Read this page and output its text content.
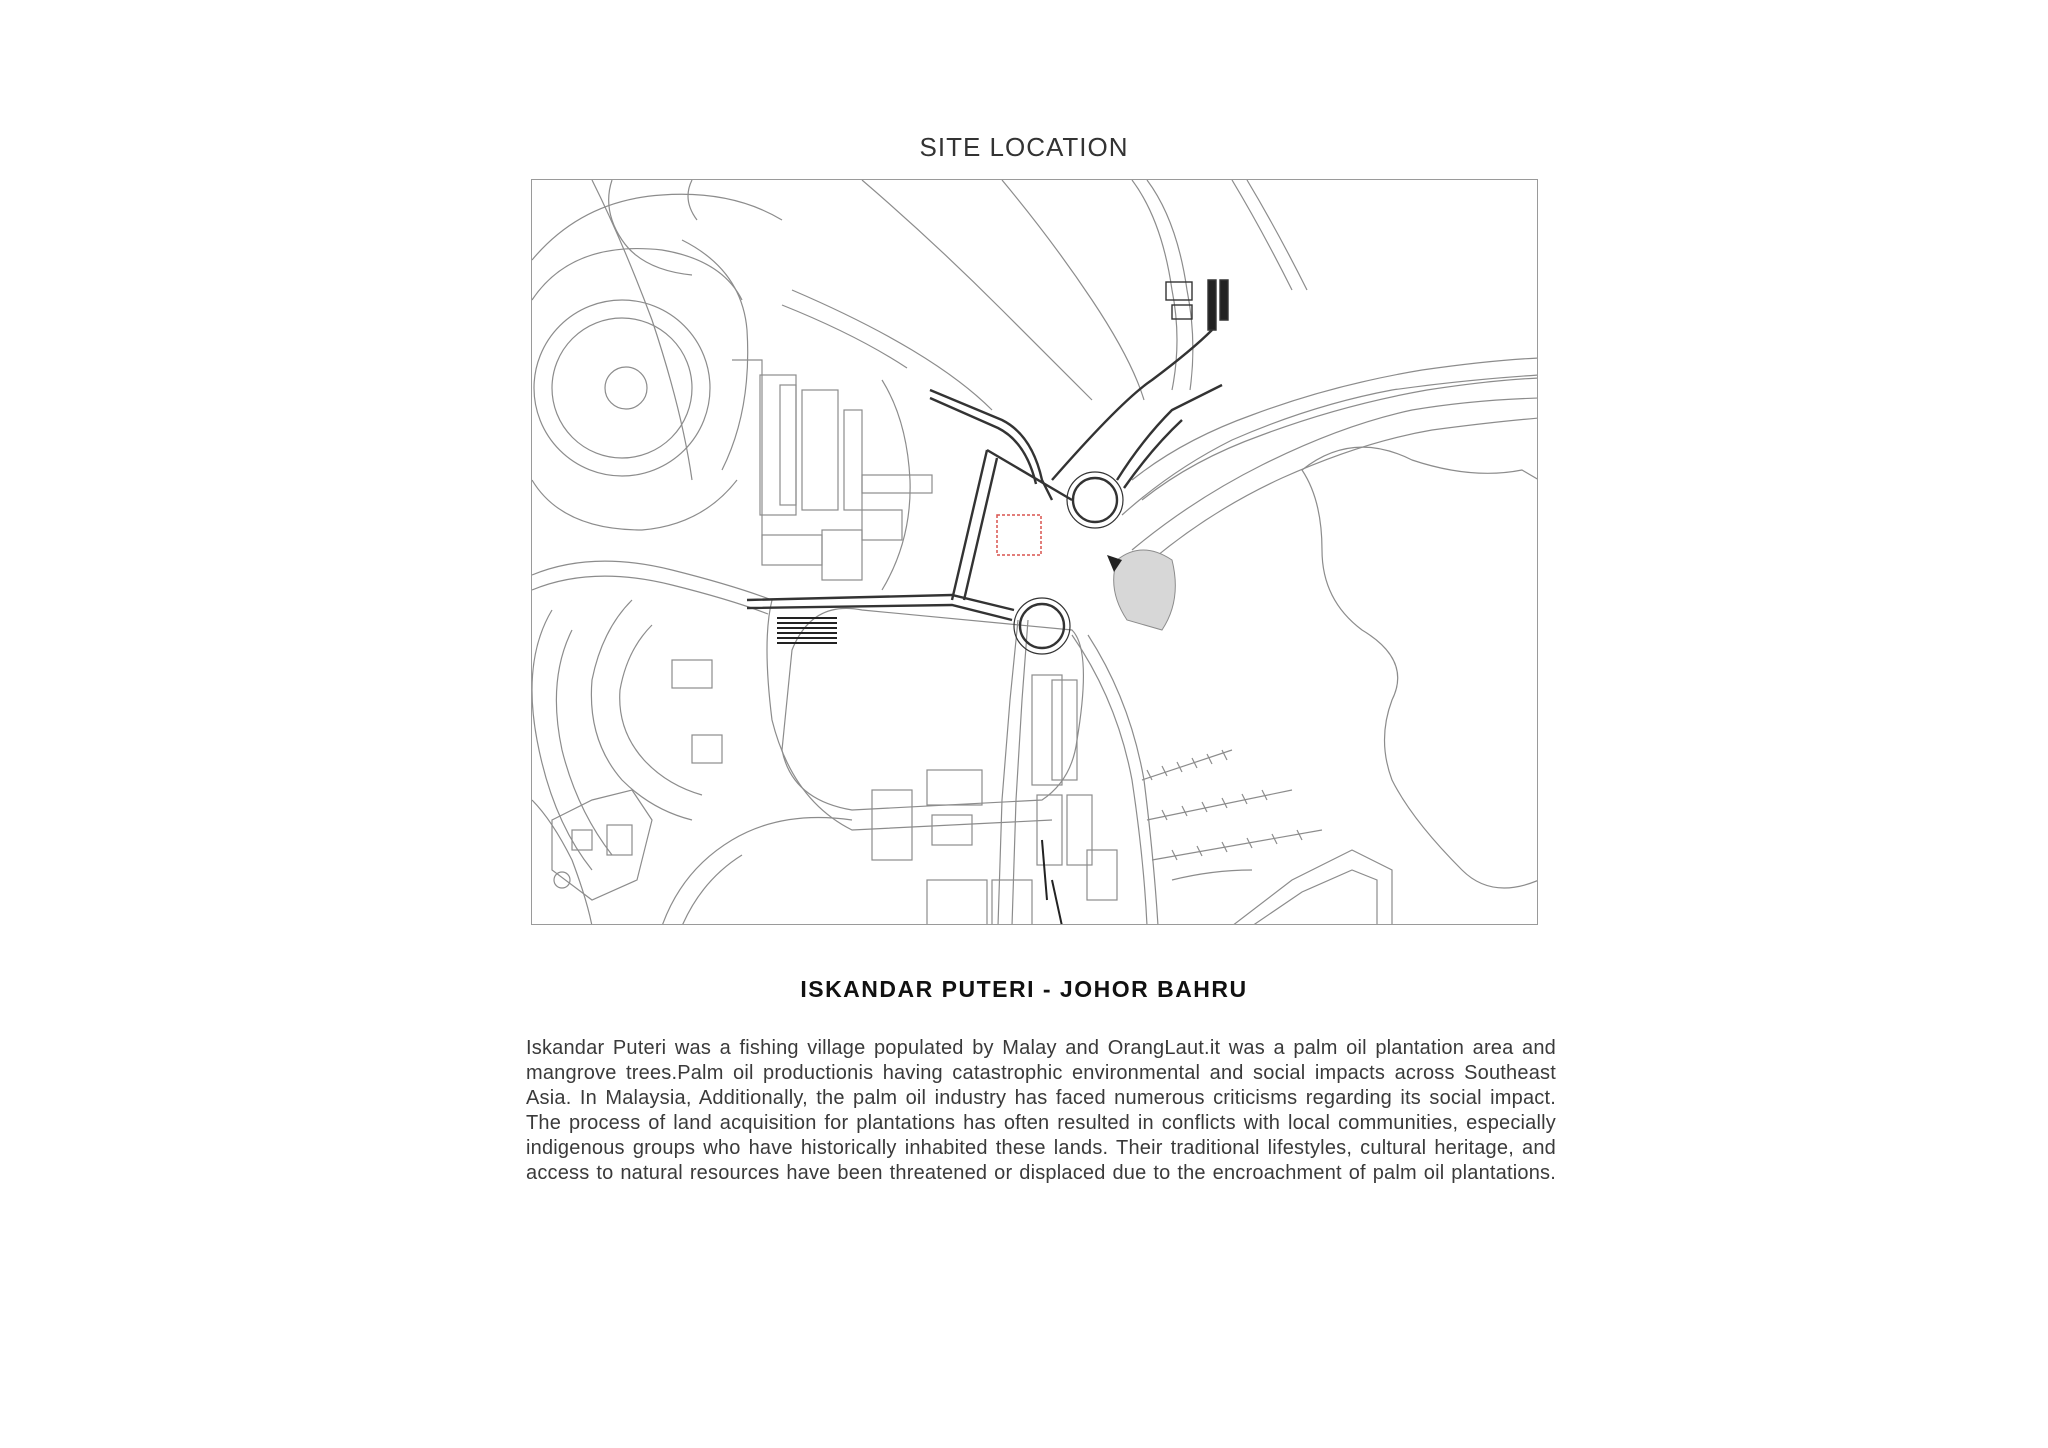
SITE LOCATION
ISKANDAR PUTERI - JOHOR BAHRU

Iskandar Puteri was a fishing village populated by Malay and OrangLaut.it was a palm oil plantation area and mangrove trees.Palm oil productionis having catastrophic environmental and social impacts across Southeast Asia. In Malaysia, Additionally, the palm oil industry has faced numerous criticisms regarding its social impact. The process of land acquisition for plantations has often resulted in conflicts with local communities, especially indigenous groups who have historically inhabited these lands. Their traditional lifestyles, cultural heritage, and access to natural resources have been threatened or displaced due to the encroachment of palm oil plantations.
